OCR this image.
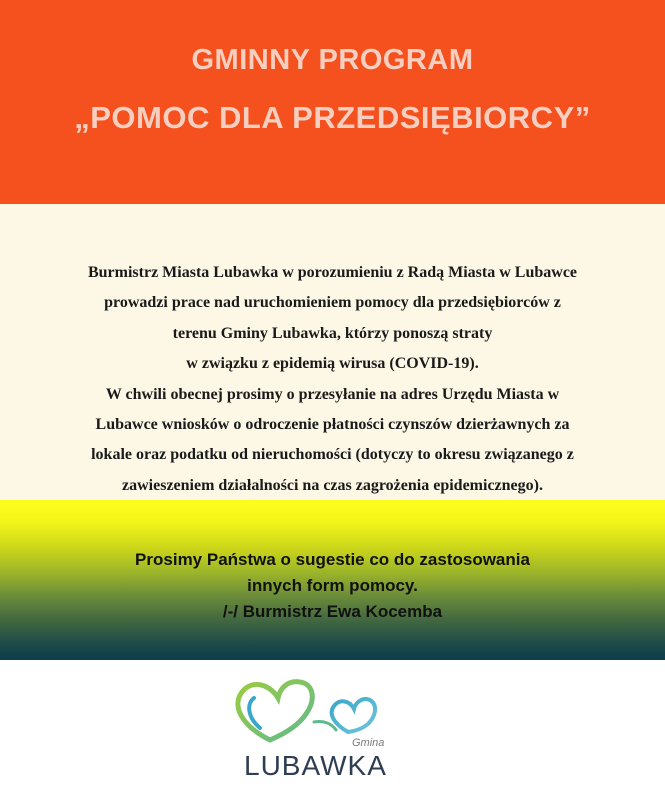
GMINNY PROGRAM
„POMOC DLA PRZEDSIĘBIORCY”
Burmistrz Miasta Lubawka w porozumieniu z Radą Miasta w Lubawce
prowadzi prace nad uruchomieniem pomocy dla przedsiębiorców z
terenu Gminy Lubawka, którzy ponoszą straty
w związku z epidemią wirusa (COVID-19).
W chwili obecnej prosimy o przesyłanie na adres Urzędu Miasta w
Lubawce wniosków o odroczenie płatności czynszów dzierżawnych za
lokale oraz podatku od nieruchomości (dotyczy to okresu związanego z
zawieszeniem działalności na czas zagrożenia epidemicznego).
Prosimy Państwa o sugestie co do zastosowania
innych form pomocy.
/-/ Burmistrz Ewa Kocemba
Gmina
LUBAWKA
